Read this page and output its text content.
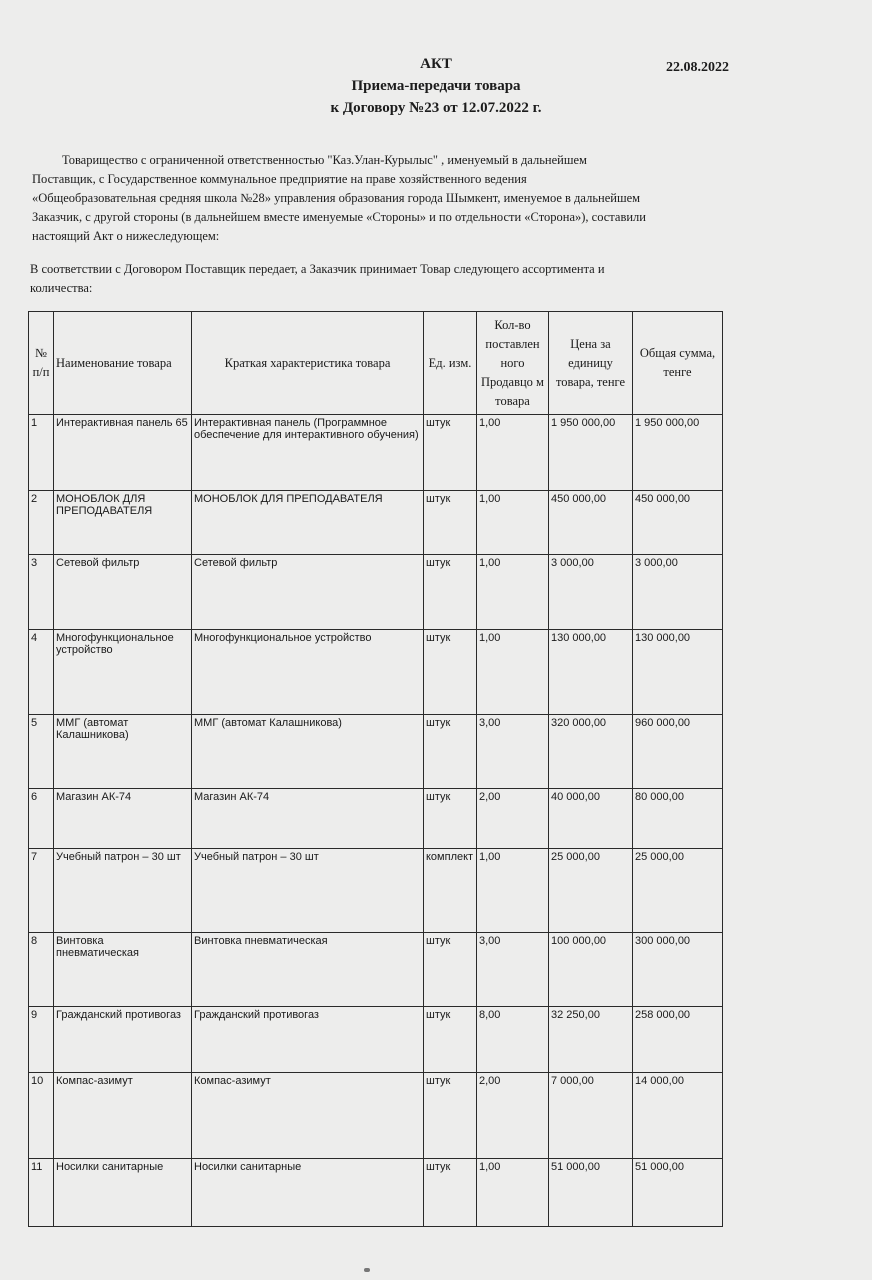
АКТ	22.08.2022
Приема-передачи товара
к Договору №23 от 12.07.2022 г.

Товарищество с ограниченной ответственностью "Каз.Улан-Курылыс" , именуемый в дальнейшем

Поставщик, с Государственное коммунальное предприятие на праве хозяйственного ведения

«Общеобразовательная средняя школа №28» управления образования города Шымкент, именуемое в дальнейшем

Заказчик, с другой стороны (в дальнейшем вместе именуемые «Стороны» и по отдельности «Сторона»), составили

настоящий Акт о нижеследующем:

В соответствии с Договором Поставщик передает, а Заказчик принимает Товар следующего ассортимента и

количества:

№ п/п	Наименование товара	Краткая характеристика товара	Ед. изм.	Кол-во поставлен ного Продавцо м товара	Цена за единицу товара, тенге	Общая сумма, тенге
1	Интерактивная панель 65	Интерактивная панель (Программное обеспечение для интерактивного обучения)	штук	1,00	1 950 000,00	1 950 000,00
2	МОНОБЛОК ДЛЯ ПРЕПОДАВАТЕЛЯ	МОНОБЛОК ДЛЯ ПРЕПОДАВАТЕЛЯ	штук	1,00	450 000,00	450 000,00
3	Сетевой фильтр	Сетевой фильтр	штук	1,00	3 000,00	3 000,00
4	Многофункциональное устройство	Многофункциональное устройство	штук	1,00	130 000,00	130 000,00
5	ММГ (автомат Калашникова)	ММГ (автомат Калашникова)	штук	3,00	320 000,00	960 000,00
6	Магазин АК-74	Магазин АК-74	штук	2,00	40 000,00	80 000,00
7	Учебный патрон – 30 шт	Учебный патрон – 30 шт	комплект	1,00	25 000,00	25 000,00
8	Винтовка пневматическая	Винтовка пневматическая	штук	3,00	100 000,00	300 000,00
9	Гражданский противогаз	Гражданский противогаз	штук	8,00	32 250,00	258 000,00
10	Компас-азимут	Компас-азимут	штук	2,00	7 000,00	14 000,00
11	Носилки санитарные	Носилки санитарные	штук	1,00	51 000,00	51 000,00
